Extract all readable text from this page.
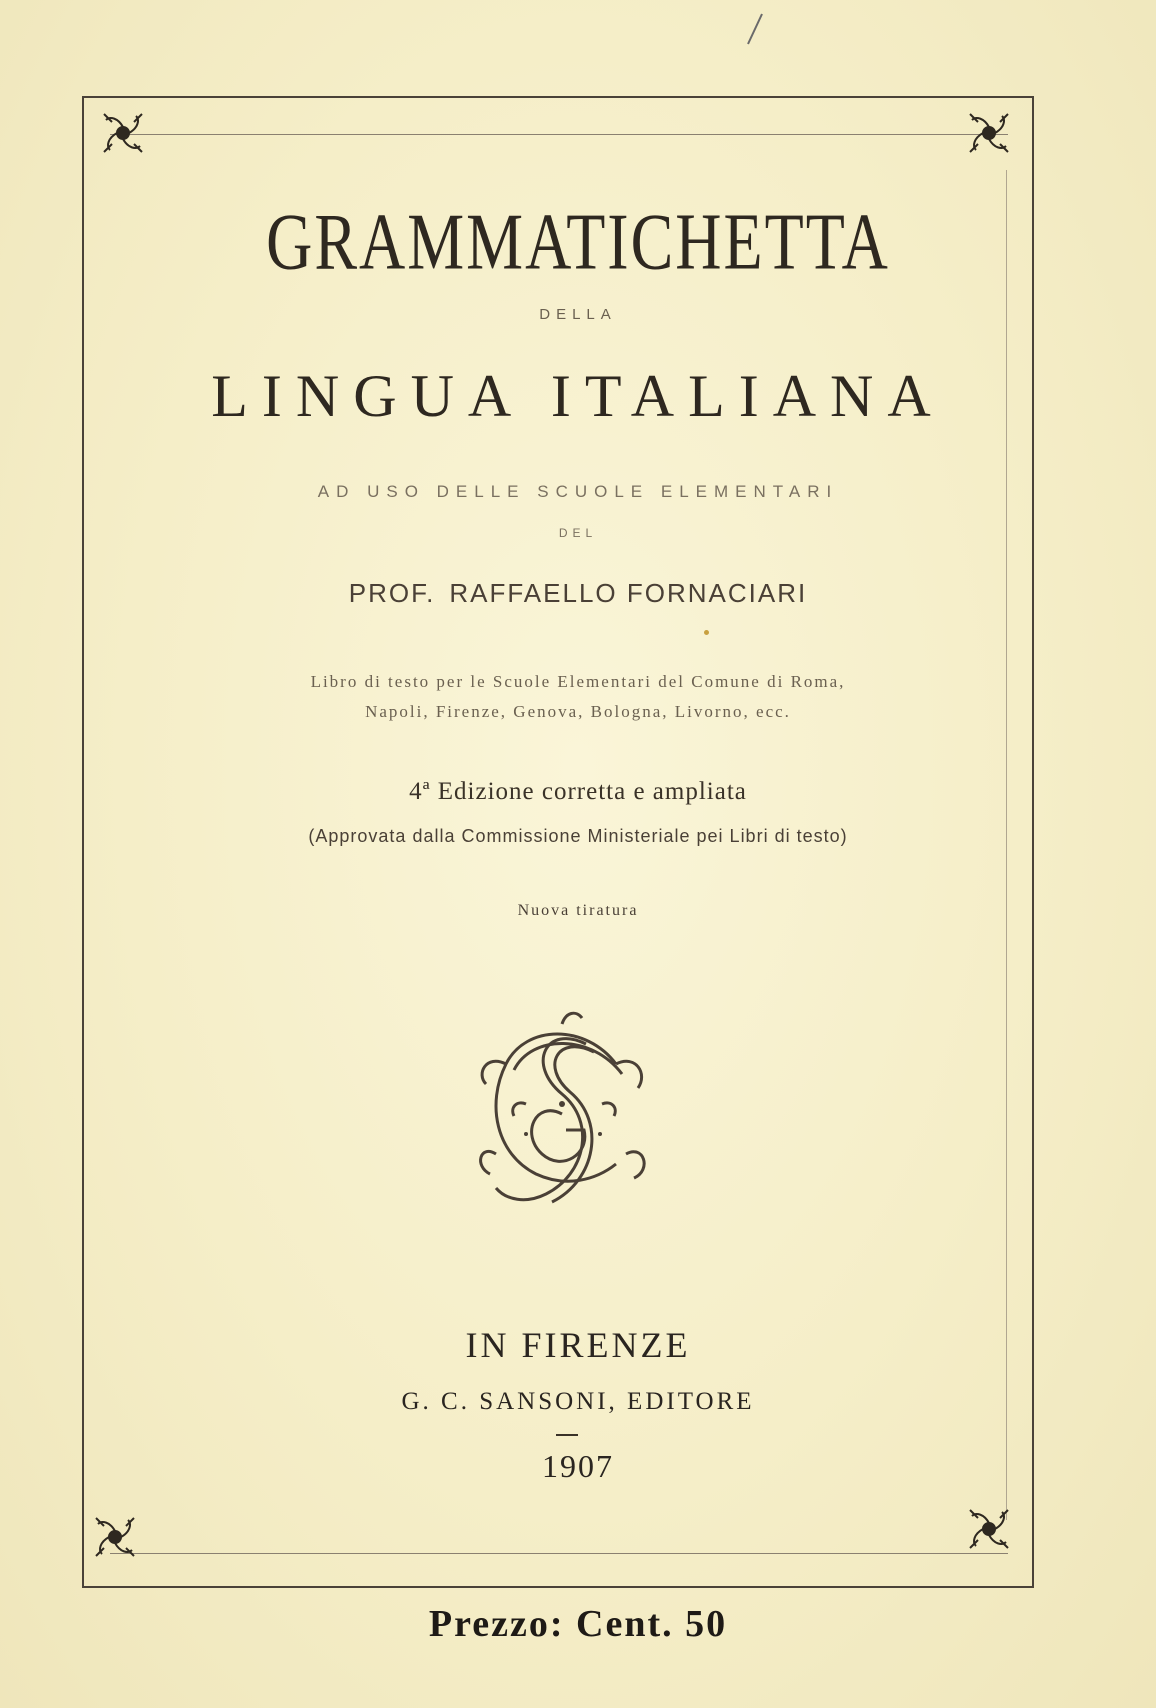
GRAMMATICHETTA
DELLA
LINGUA ITALIANA
AD USO DELLE SCUOLE ELEMENTARI
DEL
PROF. RAFFAELLO FORNACIARI
Libro di testo per le Scuole Elementari del Comune di Roma,
Napoli, Firenze, Genova, Bologna, Livorno, ecc.
4ª Edizione corretta e ampliata
(Approvata dalla Commissione Ministeriale pei Libri di testo)
Nuova tiratura
IN FIRENZE
G. C. SANSONI, EDITORE
1907
Prezzo: Cent. 50
